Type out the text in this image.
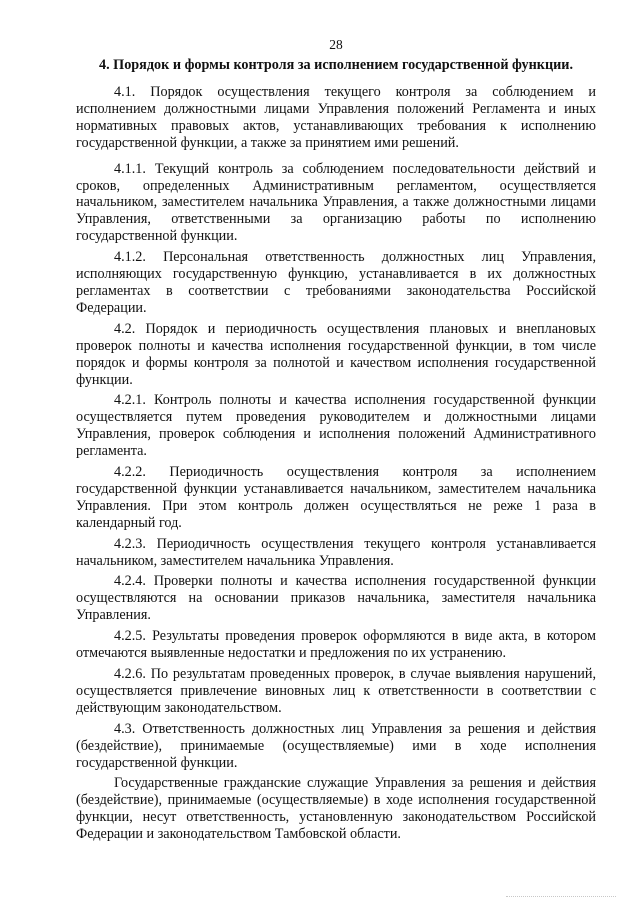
28
4. Порядок и формы контроля за исполнением государственной функции.

4.1. Порядок осуществления текущего контроля за соблюдением и исполнением должностными лицами Управления положений Регламента и иных нормативных правовых актов, устанавливающих требования к исполнению государственной функции, а также за принятием ими решений.

4.1.1. Текущий контроль за соблюдением последовательности действий и сроков, определенных Административным регламентом, осуществляется начальником, заместителем начальника Управления, а также должностными лицами Управления, ответственными за организацию работы по исполнению государственной функции.

4.1.2. Персональная ответственность должностных лиц Управления, исполняющих государственную функцию, устанавливается в их должностных регламентах в соответствии с требованиями законодательства Российской Федерации.

4.2. Порядок и периодичность осуществления плановых и внеплановых проверок полноты и качества исполнения государственной функции, в том числе порядок и формы контроля за полнотой и качеством исполнения государственной функции.

4.2.1. Контроль полноты и качества исполнения государственной функции осуществляется путем проведения руководителем и должностными лицами Управления, проверок соблюдения и исполнения положений Административного регламента.

4.2.2. Периодичность осуществления контроля за исполнением государственной функции устанавливается начальником, заместителем начальника Управления. При этом контроль должен осуществляться не реже 1 раза в календарный год.

4.2.3. Периодичность осуществления текущего контроля устанавливается начальником, заместителем начальника Управления.

4.2.4. Проверки полноты и качества исполнения государственной функции осуществляются на основании приказов начальника, заместителя начальника Управления.

4.2.5. Результаты проведения проверок оформляются в виде акта, в котором отмечаются выявленные недостатки и предложения по их устранению.

4.2.6. По результатам проведенных проверок, в случае выявления нарушений, осуществляется привлечение виновных лиц к ответственности в соответствии с действующим законодательством.

4.3. Ответственность должностных лиц Управления за решения и действия (бездействие), принимаемые (осуществляемые) ими в ходе исполнения государственной функции.

Государственные гражданские служащие Управления за решения и действия (бездействие), принимаемые (осуществляемые) в ходе исполнения государственной функции, несут ответственность, установленную законодательством Российской Федерации и законодательством Тамбовской области.
